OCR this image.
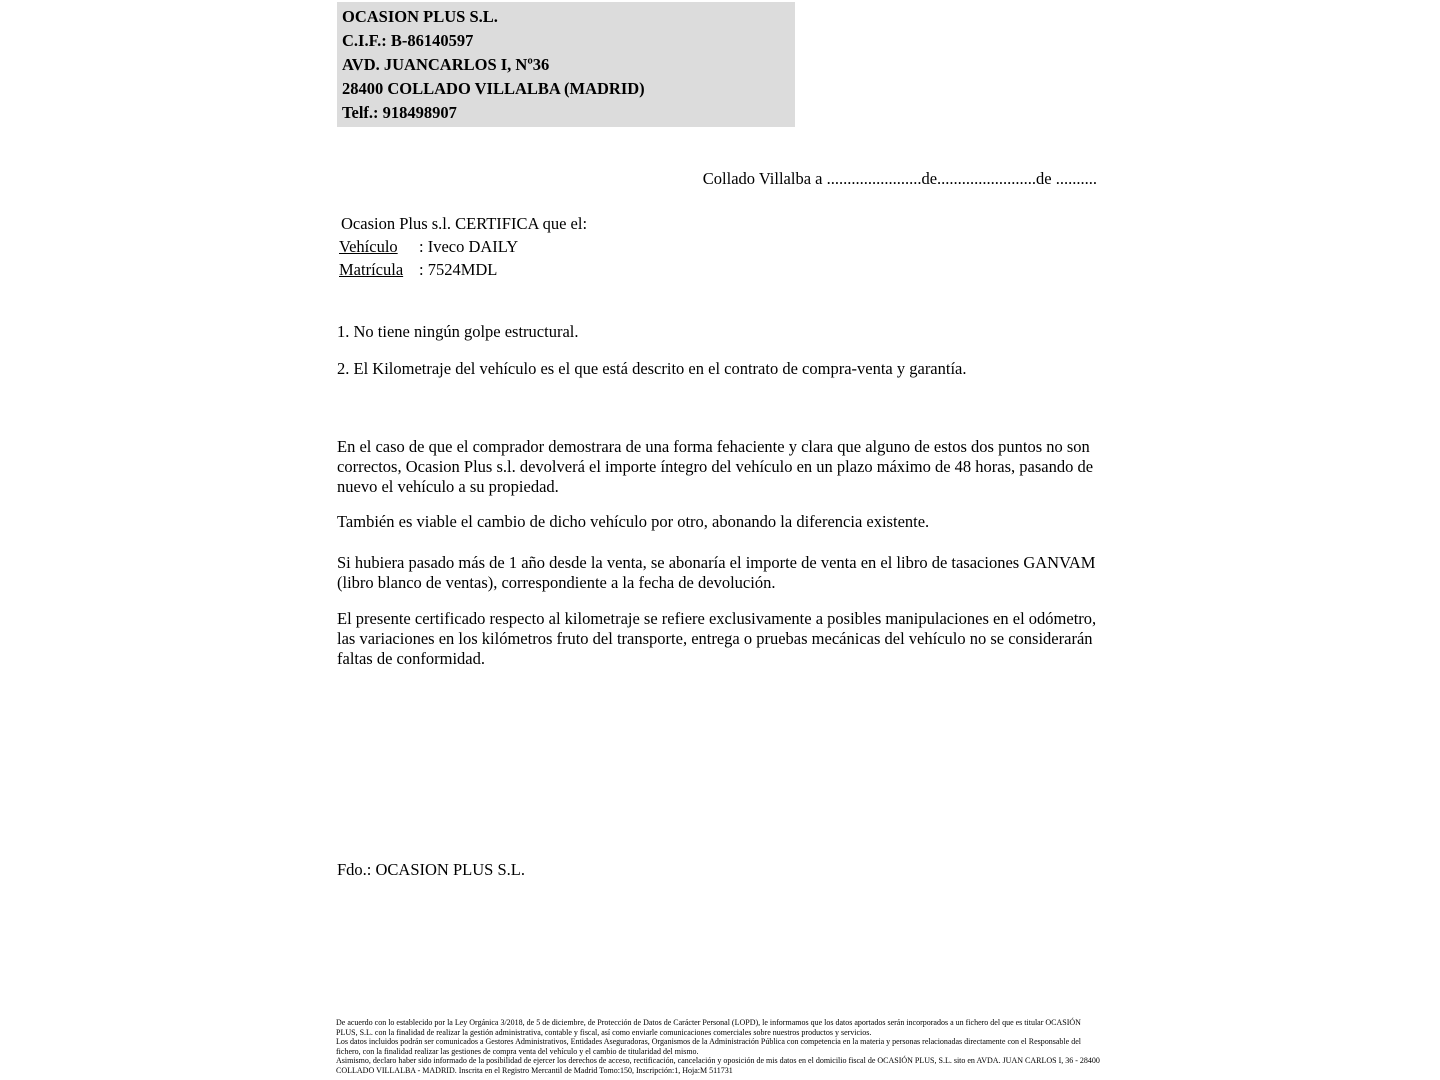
OCASION PLUS S.L.
C.I.F.: B-86140597
AVD. JUANCARLOS I, Nº36
28400 COLLADO VILLALBA (MADRID)
Telf.: 918498907
Collado Villalba a .......................de........................de ..........
Ocasion Plus s.l. CERTIFICA que el:
Vehículo : Iveco DAILY
Matrícula : 7524MDL
1. No tiene ningún golpe estructural.
2. El Kilometraje del vehículo es el que está descrito en el contrato de compra-venta y garantía.
En el caso de que el comprador demostrara de una forma fehaciente y clara que alguno de estos dos puntos no son correctos, Ocasion Plus s.l. devolverá el importe íntegro del vehículo en un plazo máximo de 48 horas, pasando de nuevo el vehículo a su propiedad.
También es viable el cambio de dicho vehículo por otro, abonando la diferencia existente.
Si hubiera pasado más de 1 año desde la venta, se abonaría el importe de venta en el libro de tasaciones GANVAM (libro blanco de ventas), correspondiente a la fecha de devolución.
El presente certificado respecto al kilometraje se refiere exclusivamente a posibles manipulaciones en el odómetro, las variaciones en los kilómetros fruto del transporte, entrega o pruebas mecánicas del vehículo no se considerarán faltas de conformidad.
Fdo.: OCASION PLUS S.L.
De acuerdo con lo establecido por la Ley Orgánica 3/2018, de 5 de diciembre, de Protección de Datos de Carácter Personal (LOPD), le informamos que los datos aportados serán incorporados a un fichero del que es titular OCASIÓN PLUS, S.L. con la finalidad de realizar la gestión administrativa, contable y fiscal, así como enviarle comunicaciones comerciales sobre nuestros productos y servicios.
Los datos incluidos podrán ser comunicados a Gestores Administrativos, Entidades Aseguradoras, Organismos de la Administración Pública con competencia en la materia y personas relacionadas directamente con el Responsable del fichero, con la finalidad realizar las gestiones de compra venta del vehículo y el cambio de titularidad del mismo.
Asimismo, declaro haber sido informado de la posibilidad de ejercer los derechos de acceso, rectificación, cancelación y oposición de mis datos en el domicilio fiscal de OCASIÓN PLUS, S.L. sito en AVDA. JUAN CARLOS I, 36 - 28400 COLLADO VILLALBA - MADRID. Inscrita en el Registro Mercantil de Madrid Tomo:150, Inscripción:1, Hoja:M 511731
